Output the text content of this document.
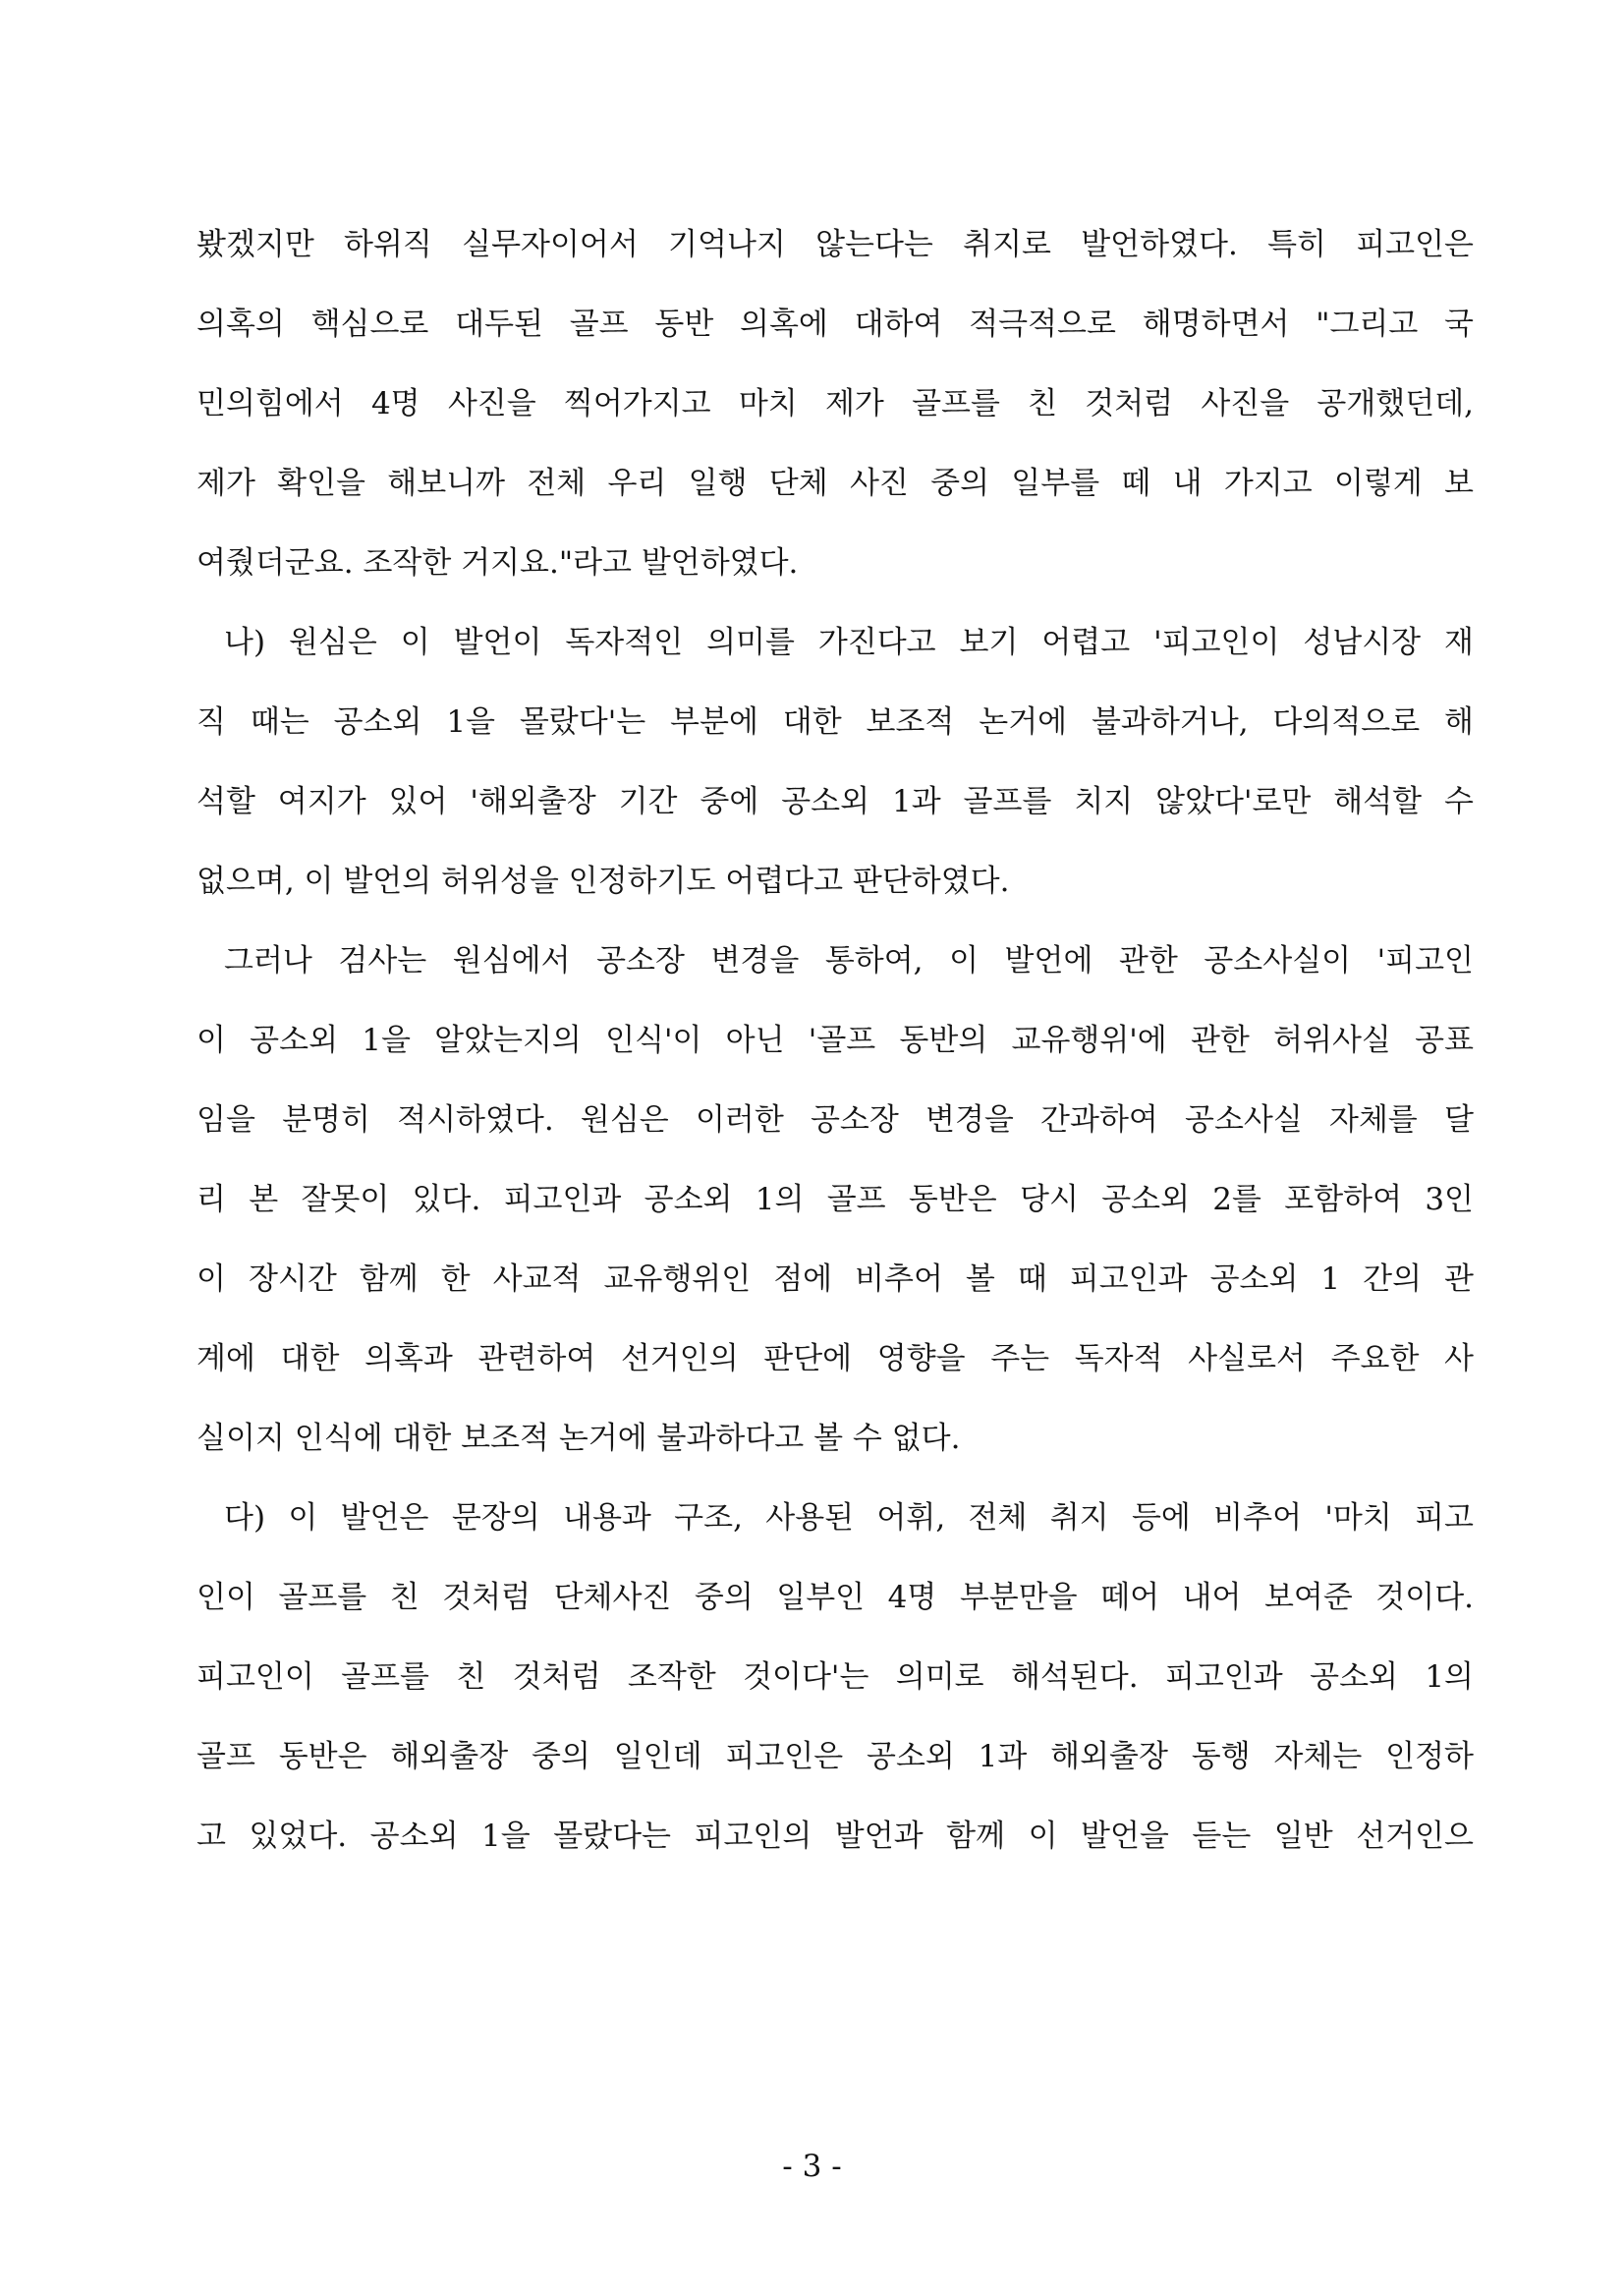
봤겠지만 하위직 실무자이어서 기억나지 않는다는 취지로 발언하였다. 특히 피고인은
의혹의 핵심으로 대두된 골프 동반 의혹에 대하여 적극적으로 해명하면서 "그리고 국
민의힘에서 4명 사진을 찍어가지고 마치 제가 골프를 친 것처럼 사진을 공개했던데,
제가 확인을 해보니까 전체 우리 일행 단체 사진 중의 일부를 떼 내 가지고 이렇게 보
여줬더군요. 조작한 거지요."라고 발언하였다.
나) 원심은 이 발언이 독자적인 의미를 가진다고 보기 어렵고 '피고인이 성남시장 재
직 때는 공소외 1을 몰랐다'는 부분에 대한 보조적 논거에 불과하거나, 다의적으로 해
석할 여지가 있어 '해외출장 기간 중에 공소외 1과 골프를 치지 않았다'로만 해석할 수
없으며, 이 발언의 허위성을 인정하기도 어렵다고 판단하였다.
그러나 검사는 원심에서 공소장 변경을 통하여, 이 발언에 관한 공소사실이 '피고인
이 공소외 1을 알았는지의 인식'이 아닌 '골프 동반의 교유행위'에 관한 허위사실 공표
임을 분명히 적시하였다. 원심은 이러한 공소장 변경을 간과하여 공소사실 자체를 달
리 본 잘못이 있다. 피고인과 공소외 1의 골프 동반은 당시 공소외 2를 포함하여 3인
이 장시간 함께 한 사교적 교유행위인 점에 비추어 볼 때 피고인과 공소외 1 간의 관
계에 대한 의혹과 관련하여 선거인의 판단에 영향을 주는 독자적 사실로서 주요한 사
실이지 인식에 대한 보조적 논거에 불과하다고 볼 수 없다.
다) 이 발언은 문장의 내용과 구조, 사용된 어휘, 전체 취지 등에 비추어 '마치 피고
인이 골프를 친 것처럼 단체사진 중의 일부인 4명 부분만을 떼어 내어 보여준 것이다.
피고인이 골프를 친 것처럼 조작한 것이다'는 의미로 해석된다. 피고인과 공소외 1의
골프 동반은 해외출장 중의 일인데 피고인은 공소외 1과 해외출장 동행 자체는 인정하
고 있었다. 공소외 1을 몰랐다는 피고인의 발언과 함께 이 발언을 듣는 일반 선거인으
- 3 -
